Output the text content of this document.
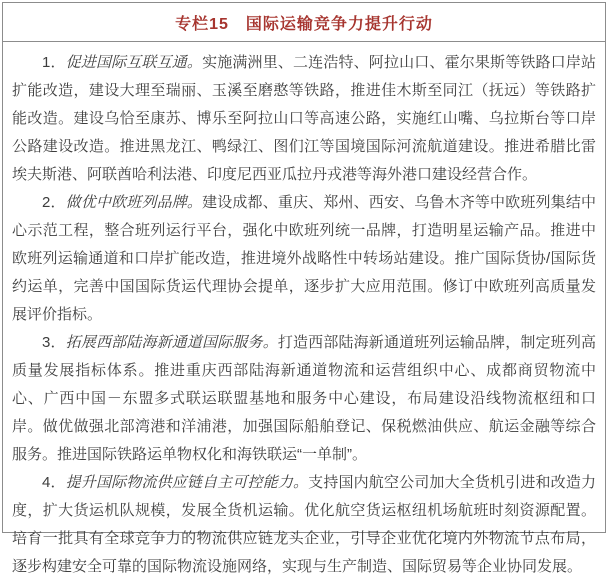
专栏15　国际运输竞争力提升行动

1．促进国际互联互通。实施满洲里、二连浩特、阿拉山口、霍尔果斯等铁路口岸站扩能改造，建设大理至瑞丽、玉溪至磨憨等铁路，推进佳木斯至同江（抚远）等铁路扩能改造。建设乌恰至康苏、博乐至阿拉山口等高速公路，实施红山嘴、乌拉斯台等口岸公路建设改造。推进黑龙江、鸭绿江、图们江等国境国际河流航道建设。推进希腊比雷埃夫斯港、阿联酋哈利法港、印度尼西亚瓜拉丹戎港等海外港口建设经营合作。

2．做优中欧班列品牌。建设成都、重庆、郑州、西安、乌鲁木齐等中欧班列集结中心示范工程，整合班列运行平台，强化中欧班列统一品牌，打造明星运输产品。推进中欧班列运输通道和口岸扩能改造，推进境外战略性中转场站建设。推广国际货协/国际货约运单，完善中国国际货运代理协会提单，逐步扩大应用范围。修订中欧班列高质量发展评价指标。

3．拓展西部陆海新通道国际服务。打造西部陆海新通道班列运输品牌，制定班列高质量发展指标体系。推进重庆西部陆海新通道物流和运营组织中心、成都商贸物流中心、广西中国－东盟多式联运联盟基地和服务中心建设，布局建设沿线物流枢纽和口岸。做优做强北部湾港和洋浦港，加强国际船舶登记、保税燃油供应、航运金融等综合服务。推进国际铁路运单物权化和海铁联运“一单制”。

4．提升国际物流供应链自主可控能力。支持国内航空公司加大全货机引进和改造力度，扩大货运机队规模，发展全货机运输。优化航空货运枢纽机场航班时刻资源配置。培育一批具有全球竞争力的物流供应链龙头企业，引导企业优化境内外物流节点布局，逐步构建安全可靠的国际物流设施网络，实现与生产制造、国际贸易等企业协同发展。
